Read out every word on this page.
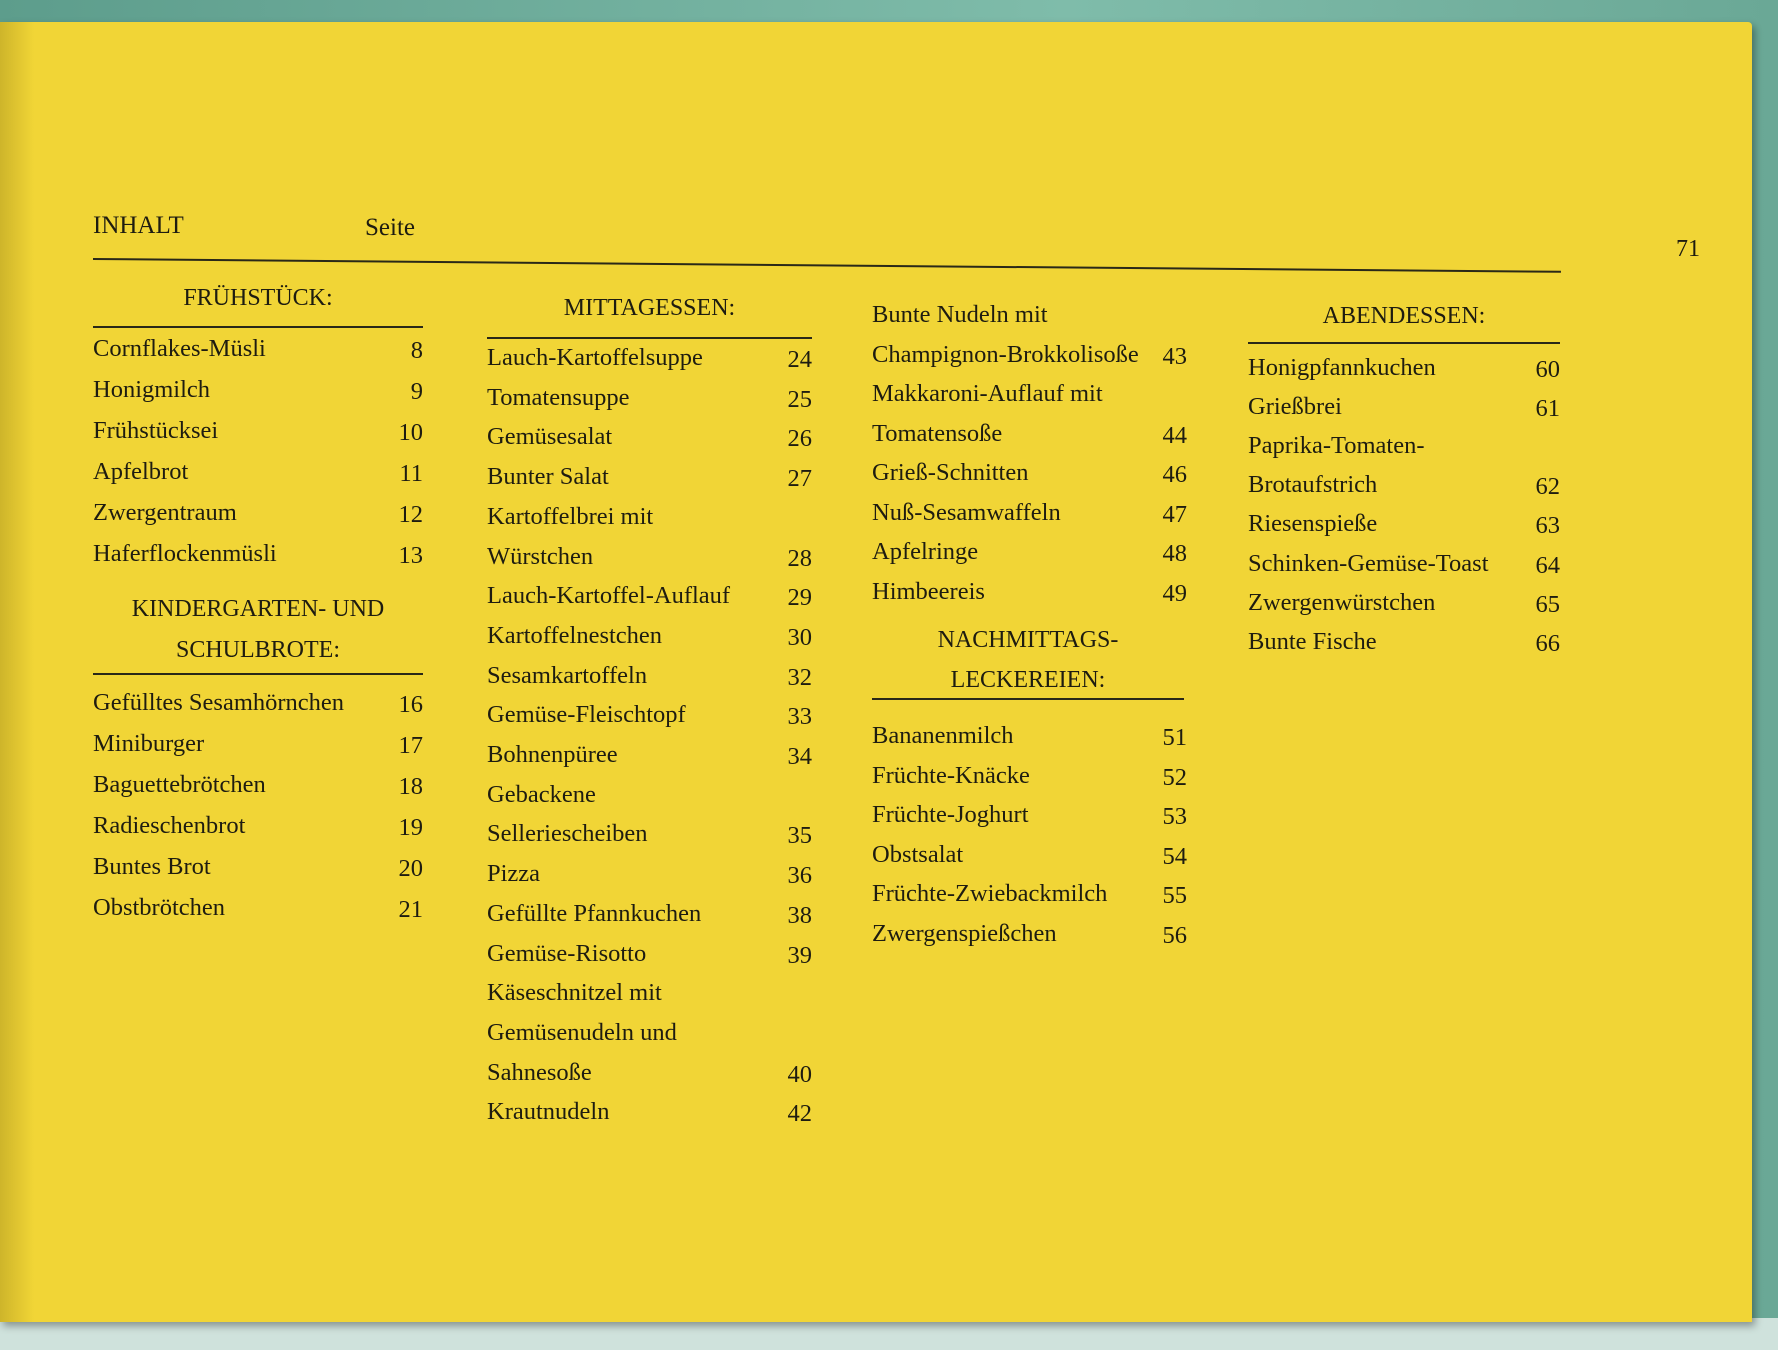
INHALT	Seite
71
FRÜHSTÜCK:
Cornflakes-Müsli	8
Honigmilch	9
Frühstücksei	10
Apfelbrot	11
Zwergentraum	12
Haferflockenmüsli	13
KINDERGARTEN- UND
SCHULBROTE:
Gefülltes Sesamhörnchen	16
Miniburger	17
Baguettebrötchen	18
Radieschenbrot	19
Buntes Brot	20
Obstbrötchen	21
MITTAGESSEN:
Lauch-Kartoffelsuppe	24
Tomatensuppe	25
Gemüsesalat	26
Bunter Salat	27
Kartoffelbrei mit
Würstchen	28
Lauch-Kartoffel-Auflauf	29
Kartoffelnestchen	30
Sesamkartoffeln	32
Gemüse-Fleischtopf	33
Bohnenpüree	34
Gebackene
Selleriescheiben	35
Pizza	36
Gefüllte Pfannkuchen	38
Gemüse-Risotto	39
Käseschnitzel mit
Gemüsenudeln und
Sahnesoße	40
Krautnudeln	42
Bunte Nudeln mit
Champignon-Brokkolisoße 43
Makkaroni-Auflauf mit
Tomatensoße	44
Grieß-Schnitten	46
Nuß-Sesamwaffeln	47
Apfelringe	48
Himbeereis	49
NACHMITTAGS-
LECKEREIEN:
Bananenmilch	51
Früchte-Knäcke	52
Früchte-Joghurt	53
Obstsalat	54
Früchte-Zwiebackmilch	55
Zwergenspießchen	56
ABENDESSEN:
Honigpfannkuchen	60
Grießbrei	61
Paprika-Tomaten-
Brotaufstrich	62
Riesenspieße	63
Schinken-Gemüse-Toast	64
Zwergenwürstchen	65
Bunte Fische	66
